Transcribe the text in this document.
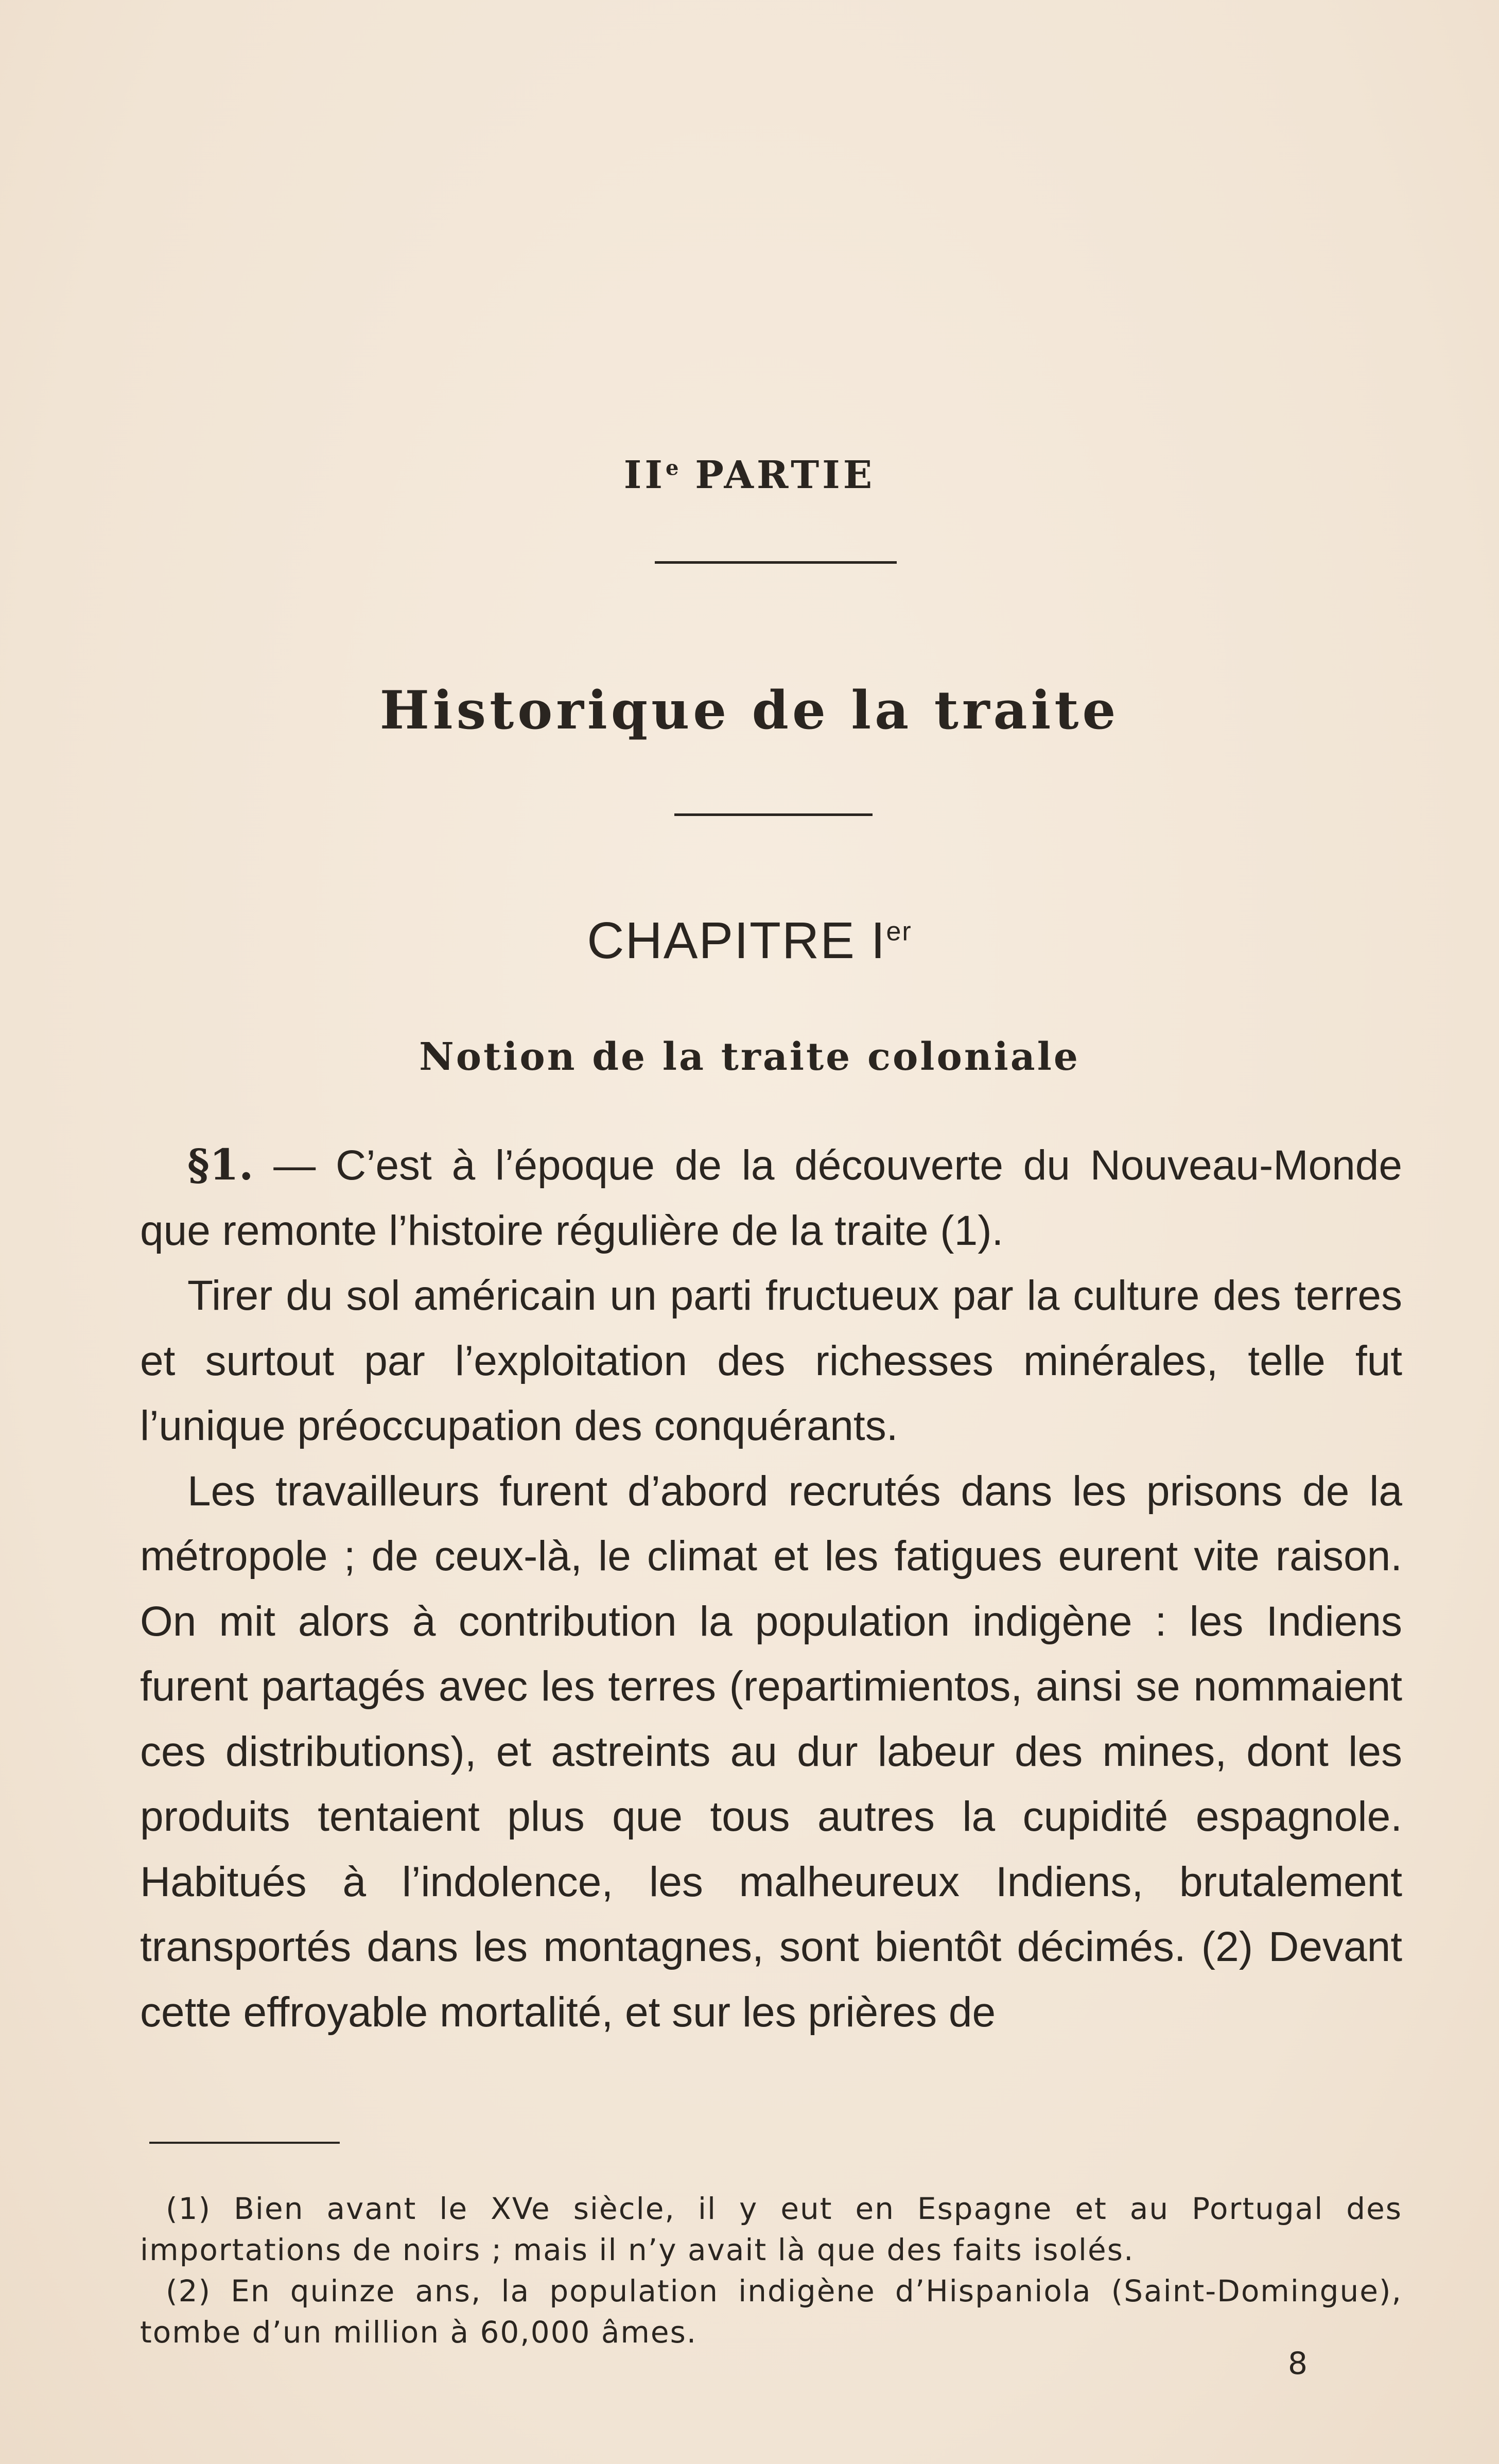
IIe PARTIE
Historique de la traite
CHAPITRE Ier
Notion de la traite coloniale

§1. — C’est à l’époque de la découverte du Nouveau-Monde que remonte l’histoire régulière de la traite (1).

Tirer du sol américain un parti fructueux par la culture des terres et surtout par l’exploitation des richesses minérales, telle fut l’unique préoccupation des conquérants.

Les travailleurs furent d’abord recrutés dans les prisons de la métropole ; de ceux-là, le climat et les fatigues eurent vite raison. On mit alors à contribution la population indigène : les Indiens furent partagés avec les terres (repartimientos, ainsi se nommaient ces distributions), et astreints au dur labeur des mines, dont les produits tentaient plus que tous autres la cupidité espagnole. Habitués à l’indolence, les malheureux Indiens, brutalement transportés dans les montagnes, sont bientôt décimés. (2) Devant cette effroyable mortalité, et sur les prières de

(1) Bien avant le XVe siècle, il y eut en Espagne et au Portugal des importations de noirs ; mais il n’y avait là que des faits isolés.

(2) En quinze ans, la population indigène d’Hispaniola (Saint-Domingue), tombe d’un million à 60,000 âmes.

8
